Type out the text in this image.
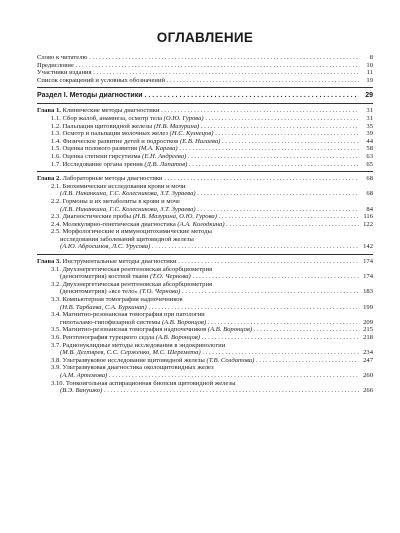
ОГЛАВЛЕНИЕ
Слово к читателю . . .	8
Предисловие . . .	10
Участники издания . . .	11
Список сокращений и условных обозначений . . .	19
Раздел I. Методы диагностики . . .	29
Глава 1. Клинические методы диагностики . . .	31
1.1. Сбор жалоб, анамнеза, осмотр тела (О.Ю. Гурова) . . .	31
1.2. Пальпация щитовидной железы (Н.В. Мазурина) . . .	35
1.3. Осмотр и пальпация молочных желез (Н.С. Кузнецов) . . .	39
1.4. Физическое развитие детей и подростков (Е.В. Нагаева) . . .	44
1.5. Оценка полового развития (М.А. Карева) . . .	58
1.6. Оценка степени гирсутизма (Е.Н. Андреева) . . .	63
1.7. Исследование органа зрения (Д.В. Липатов) . . .	65
Глава 2. Лабораторные методы диагностики . . .	68
2.1. Биохимические исследования крови и мочи
(Л.В. Никанкина, Г.С. Колесникова, З.Т. Зураева) . . .	68
2.2. Гормоны и их метаболиты в крови и моче
(Л.В. Никанкина, Г.С. Колесникова, З.Т. Зураева) . . .	84
2.3. Диагностические пробы (Н.В. Мазурина, О.Ю. Гурова) . . .	116
2.4. Молекулярно-генетическая диагностика (А.А. Колодкина) . . .	122
2.5. Морфологические и иммуноцитохимические методы
исследования заболеваний щитовидной железы
(А.Ю. Абросимов, Л.С. Урусова) . . .	142
Глава 3. Инструментальные методы диагностики . . .	174
3.1. Двухэнергетическая рентгеновская абсорбциометрия
(денситометрия) костной ткани (Т.О. Чернова) . . .	174
3.2. Двухэнергетическая рентгеновская абсорбциометрия
(денситометрия) «все тело» (Т.О. Чернова) . . .	183
3.3. Компьютерная томография надпочечников
(Н.В. Тарбаева, С.А. Буркинаn) . . .	199
3.4. Магнитно-резонансная томография при патологии
гипоталамо-гипофизарной системы (А.В. Воронцов) . . .	209
3.5. Магнитно-резонансная томография надпочечников (А.В. Воронцов) . . .	215
3.6. Рентгенография турецкого седла (А.В. Воронцов) . . .	218
3.7. Радионуклидные методы исследования в эндокринологии
(М.В. Дегтярев, С.С. Серженко, М.С. Шеремета) . . .	234
3.8. Ультразвуковое исследование щитовидной железы (Т.В. Солдатова) . . .	247
3.9. Ультразвуковая диагностика околощитовидных желез
(А.М. Артемова) . . .	260
3.10. Тонкоигольная аспирационная биопсия щитовидной железы
(В.Э. Ванушко) . . .	266
